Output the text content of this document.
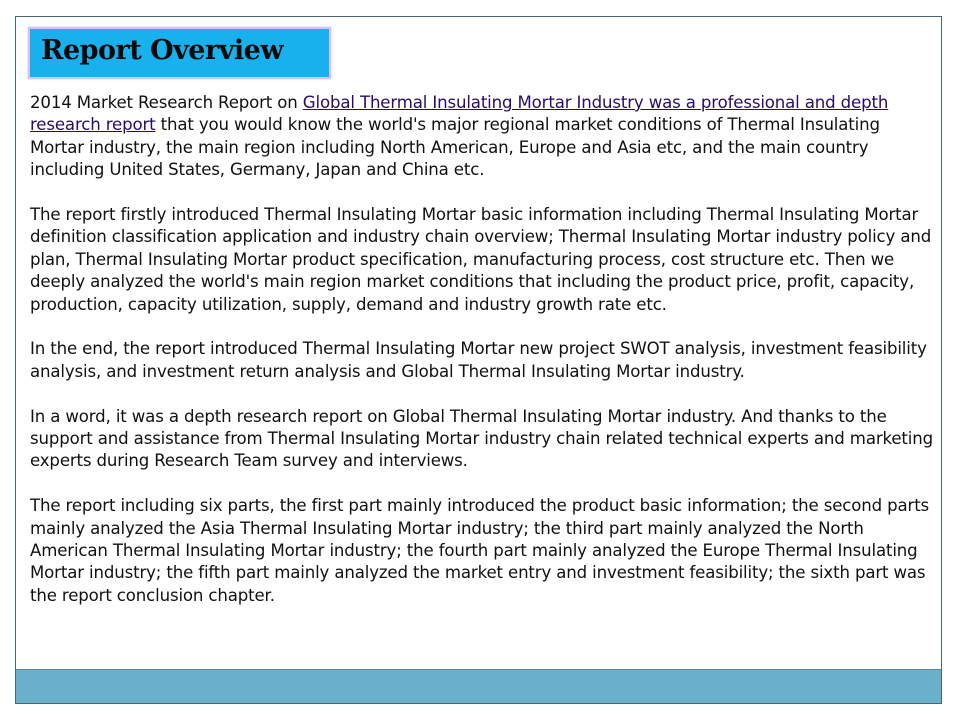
Report Overview

2014 Market Research Report on Global Thermal Insulating Mortar Industry was a professional and depth research report that you would know the world's major regional market conditions of Thermal Insulating Mortar industry, the main region including North American, Europe and Asia etc, and the main country including United States, Germany, Japan and China etc.

The report firstly introduced Thermal Insulating Mortar basic information including Thermal Insulating Mortar definition classification application and industry chain overview; Thermal Insulating Mortar industry policy and plan, Thermal Insulating Mortar product specification, manufacturing process, cost structure etc. Then we deeply analyzed the world's main region market conditions that including the product price, profit, capacity, production, capacity utilization, supply, demand and industry growth rate etc.

In the end, the report introduced Thermal Insulating Mortar new project SWOT analysis, investment feasibility analysis, and investment return analysis and Global Thermal Insulating Mortar industry.

In a word, it was a depth research report on Global Thermal Insulating Mortar industry. And thanks to the support and assistance from Thermal Insulating Mortar industry chain related technical experts and marketing experts during Research Team survey and interviews.

The report including six parts, the first part mainly introduced the product basic information; the second parts mainly analyzed the Asia Thermal Insulating Mortar industry; the third part mainly analyzed the North American Thermal Insulating Mortar industry; the fourth part mainly analyzed the Europe Thermal Insulating Mortar industry; the fifth part mainly analyzed the market entry and investment feasibility; the sixth part was the report conclusion chapter.
